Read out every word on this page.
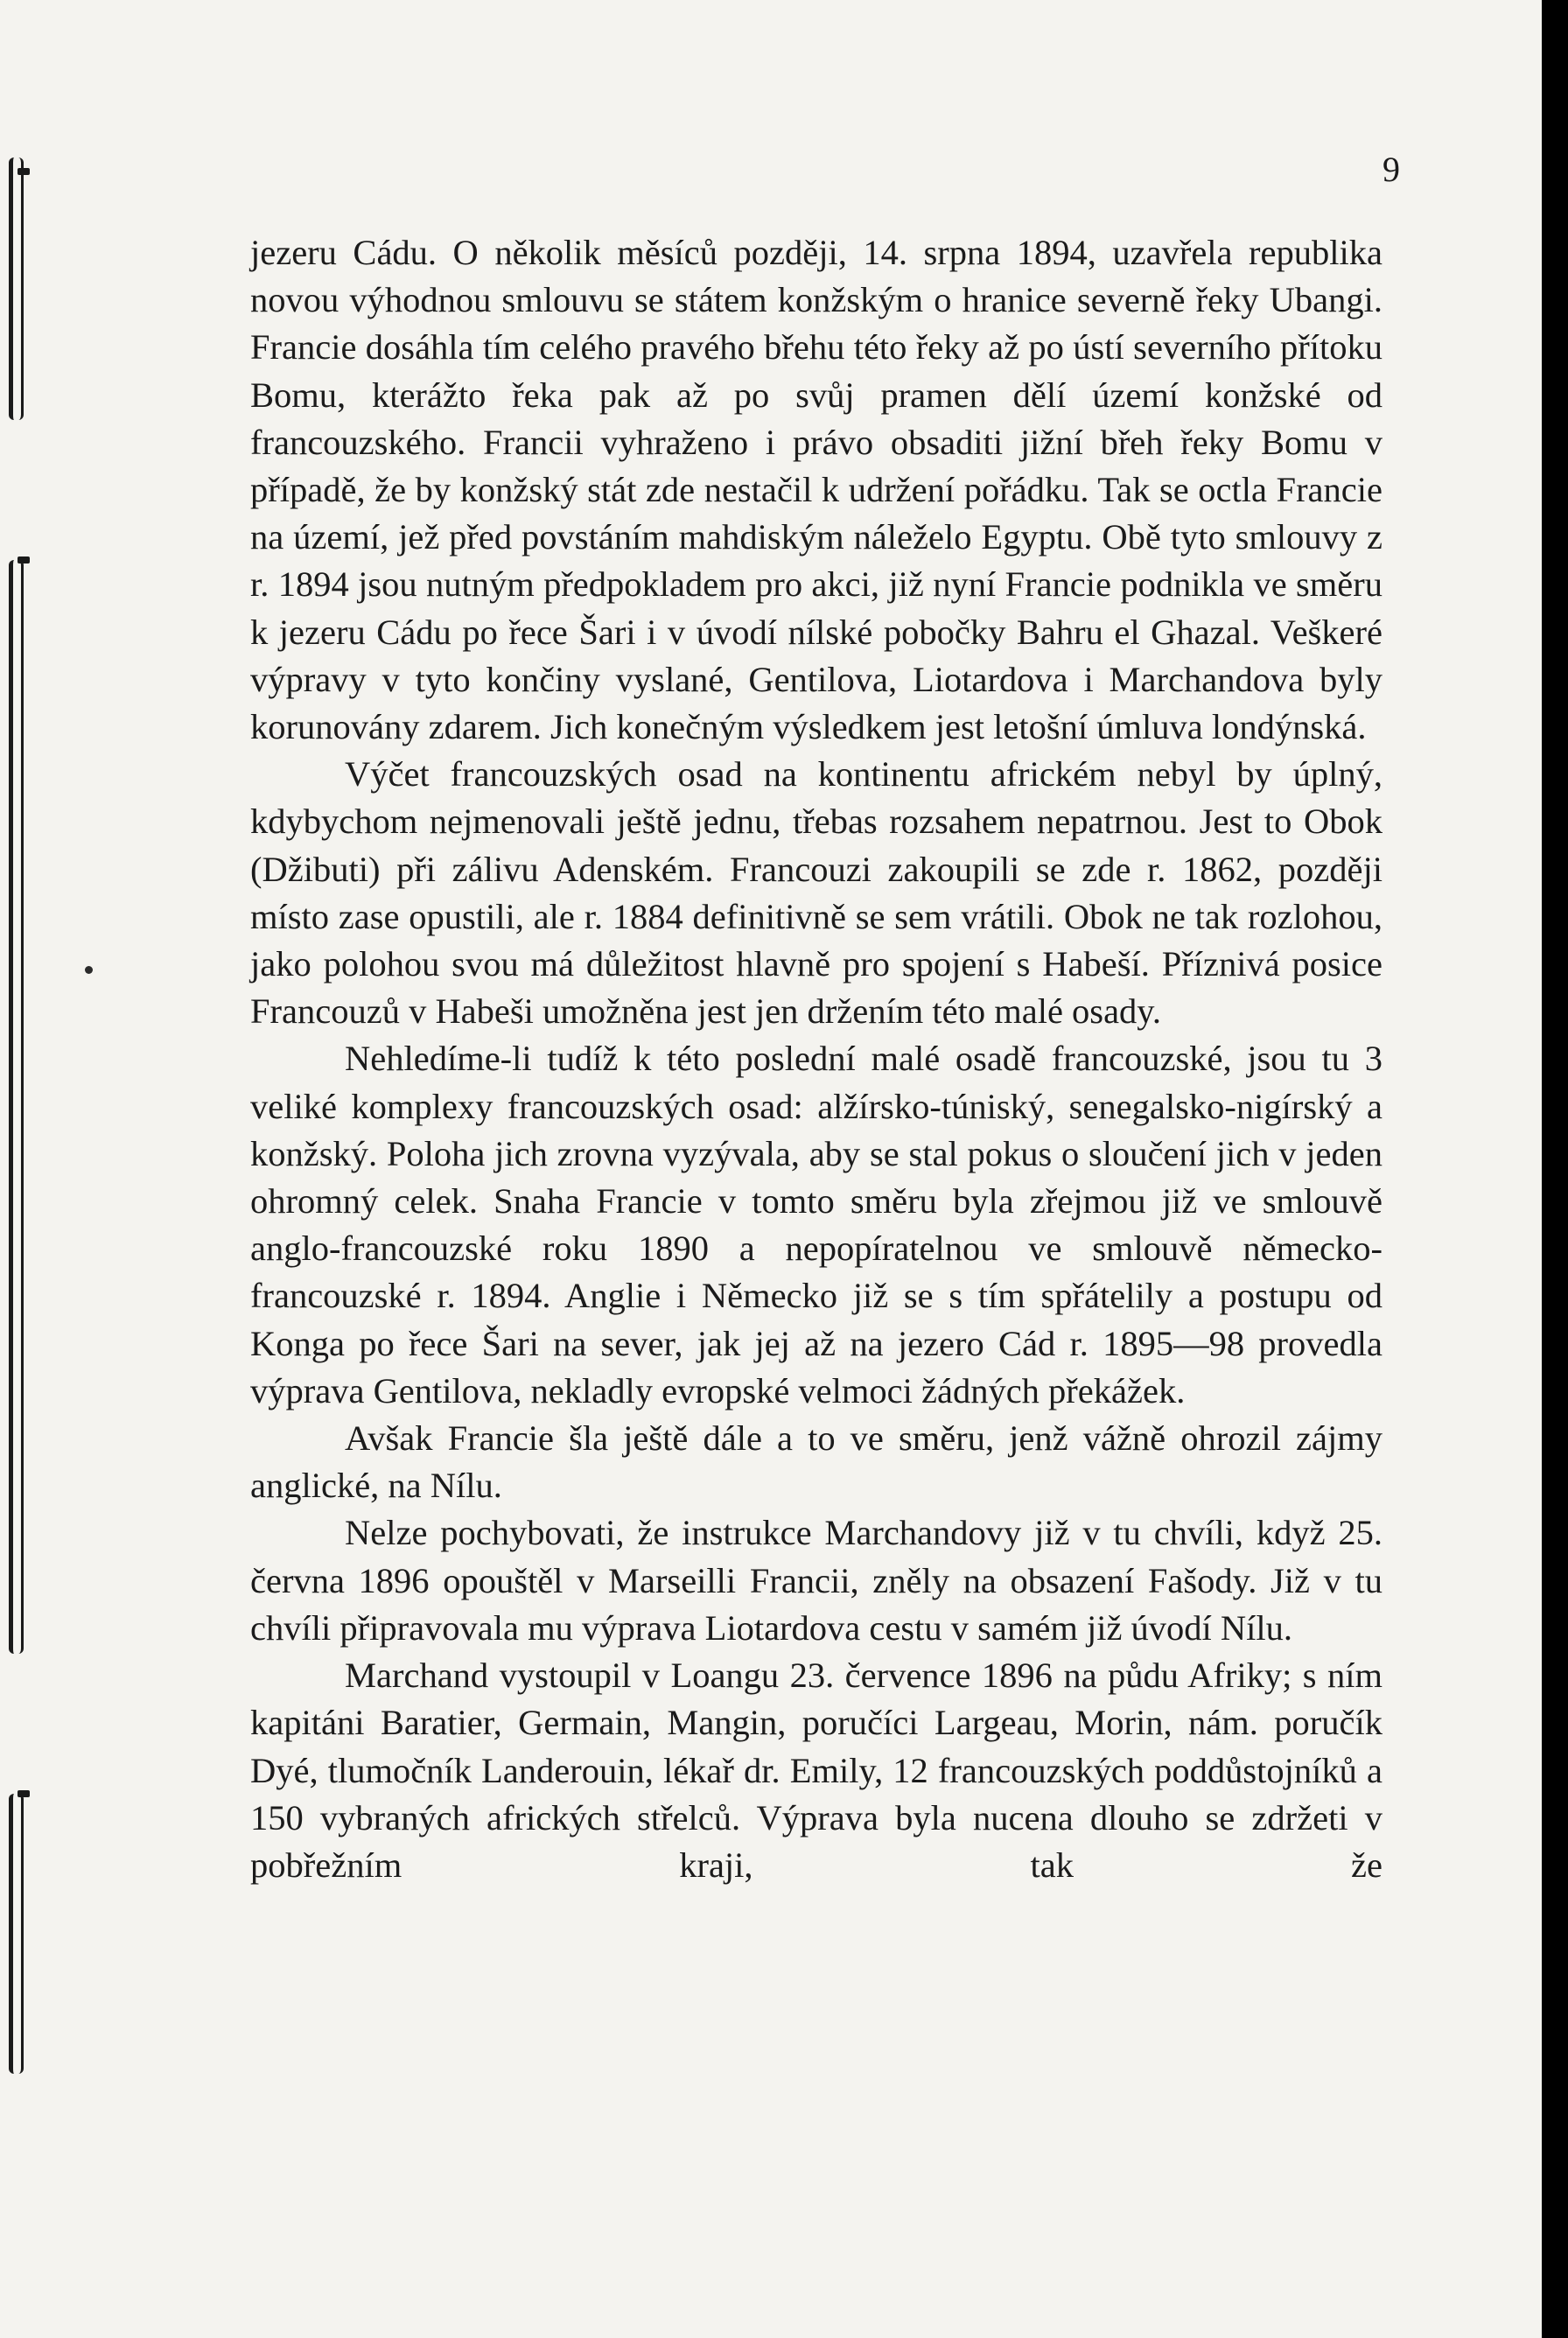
9

jezeru Cádu. O několik měsíců později, 14. srpna 1894, uzavřela republika novou výhodnou smlouvu se státem konžským o hranice severně řeky Ubangi. Francie dosáhla tím celého pravého břehu této řeky až po ústí severního přítoku Bomu, kterážto řeka pak až po svůj pramen dělí území konžské od francouzského. Francii vyhraženo i právo obsaditi jižní břeh řeky Bomu v případě, že by konžský stát zde nestačil k udržení pořádku. Tak se octla Francie na území, jež před povstáním mahdiským náleželo Egyptu. Obě tyto smlouvy z r. 1894 jsou nutným předpokladem pro akci, již nyní Francie podnikla ve směru k jezeru Cádu po řece Šari i v úvodí nílské pobočky Bahru el Ghazal. Veškeré výpravy v tyto končiny vyslané, Gentilova, Liotardova i Marchandova byly korunovány zdarem. Jich konečným výsledkem jest letošní úmluva londýnská.

Výčet francouzských osad na kontinentu africkém nebyl by úplný, kdybychom nejmenovali ještě jednu, třebas rozsahem nepatrnou. Jest to Obok (Džibuti) při zálivu Adenském. Francouzi zakoupili se zde r. 1862, později místo zase opustili, ale r. 1884 definitivně se sem vrátili. Obok ne tak rozlohou, jako polohou svou má důležitost hlavně pro spojení s Habeší. Příznivá posice Francouzů v Habeši umožněna jest jen držením této malé osady.

Nehledíme-li tudíž k této poslední malé osadě francouzské, jsou tu 3 veliké komplexy francouzských osad: alžírsko-túniský, senegalsko-nigírský a konžský. Poloha jich zrovna vyzývala, aby se stal pokus o sloučení jich v jeden ohromný celek. Snaha Francie v tomto směru byla zřejmou již ve smlouvě anglo-francouzské roku 1890 a nepopíratelnou ve smlouvě německo-francouzské r. 1894. Anglie i Německo již se s tím spřátelily a postupu od Konga po řece Šari na sever, jak jej až na jezero Cád r. 1895—98 provedla výprava Gentilova, nekladly evropské velmoci žádných překážek.

Avšak Francie šla ještě dále a to ve směru, jenž vážně ohrozil zájmy anglické, na Nílu.

Nelze pochybovati, že instrukce Marchandovy již v tu chvíli, když 25. června 1896 opouštěl v Marseilli Francii, zněly na obsazení Fašody. Již v tu chvíli připravovala mu výprava Liotardova cestu v samém již úvodí Nílu.

Marchand vystoupil v Loangu 23. července 1896 na půdu Afriky; s ním kapitáni Baratier, Germain, Mangin, poručíci Largeau, Morin, nám. poručík Dyé, tlumočník Landerouin, lékař dr. Emily, 12 francouzských poddůstojníků a 150 vybraných afrických střelců. Výprava byla nucena dlouho se zdržeti v pobřežním kraji, tak že
